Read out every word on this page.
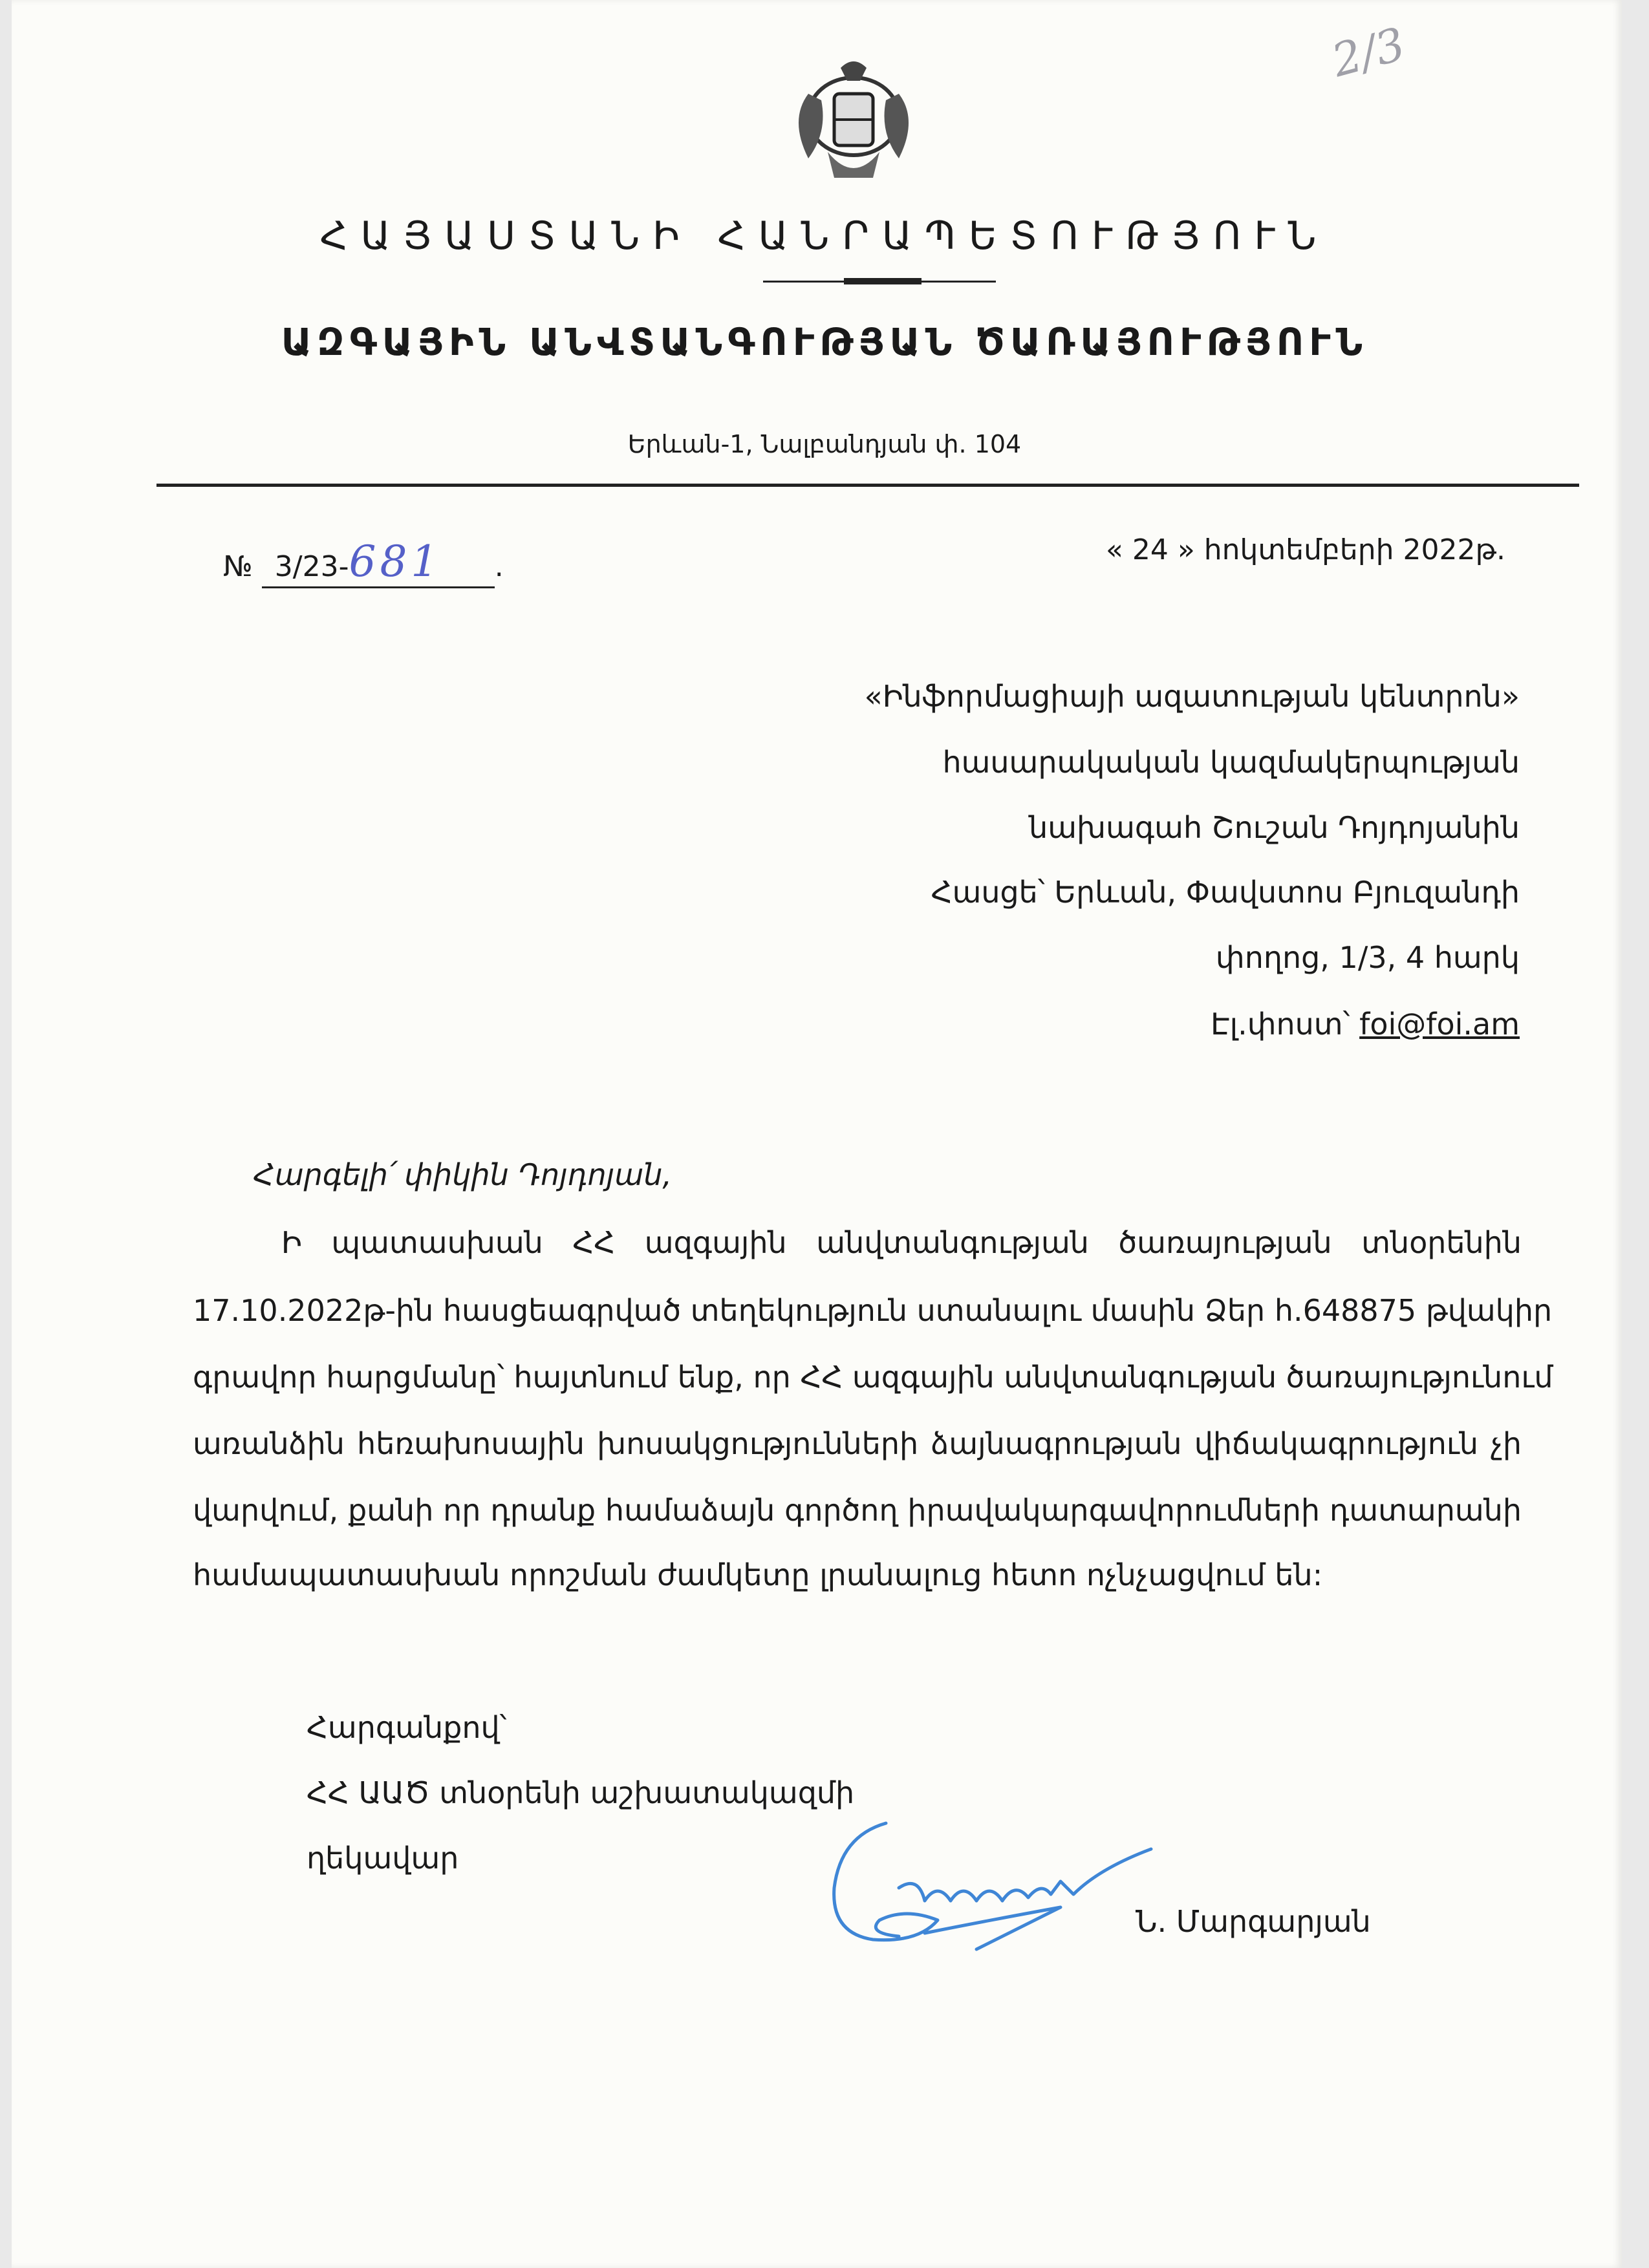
ՀԱՅԱՍՏԱՆԻ ՀԱՆՐԱՊԵՏՈՒԹՅՈՒՆ
ԱԶԳԱՅԻՆ ԱՆՎՏԱՆԳՈՒԹՅԱՆ ԾԱՌԱՅՈՒԹՅՈՒՆ
Երևան-1, Նալբանդյան փ. 104
2/3
№ 3/23-681 .
« 24 » հոկտեմբերի 2022թ.
«Ինֆորմացիայի ազատության կենտրոն»
հասարակական կազմակերպության
նախագահ Շուշան Դոյդոյանին
Հասցե՝ Երևան, Փավստոս Բյուզանդի
փողոց, 1/3, 4 հարկ
Էլ.փոստ՝ foi@foi.am
Հարգելի՛ փիկին Դոյդոյան,
Ի պատասխան ՀՀ ազգային անվտանգության ծառայության տնօրենին
17.10.2022թ-ին հասցեագրված տեղեկություն ստանալու մասին Ձեր հ.648875 թվակիր
գրավոր հարցմանը՝ հայտնում ենք, որ ՀՀ ազգային անվտանգության ծառայությունում
առանձին հեռախոսային խոսակցությունների ձայնագրության վիճակագրություն չի
վարվում, քանի որ դրանք համաձայն գործող իրավակարգավորումների դատարանի
համապատասխան որոշման ժամկետը լրանալուց հետո ոչնչացվում են:
Հարգանքով՝
ՀՀ ԱԱԾ տնօրենի աշխատակազմի
ղեկավար
Ն. Մարգարյան
